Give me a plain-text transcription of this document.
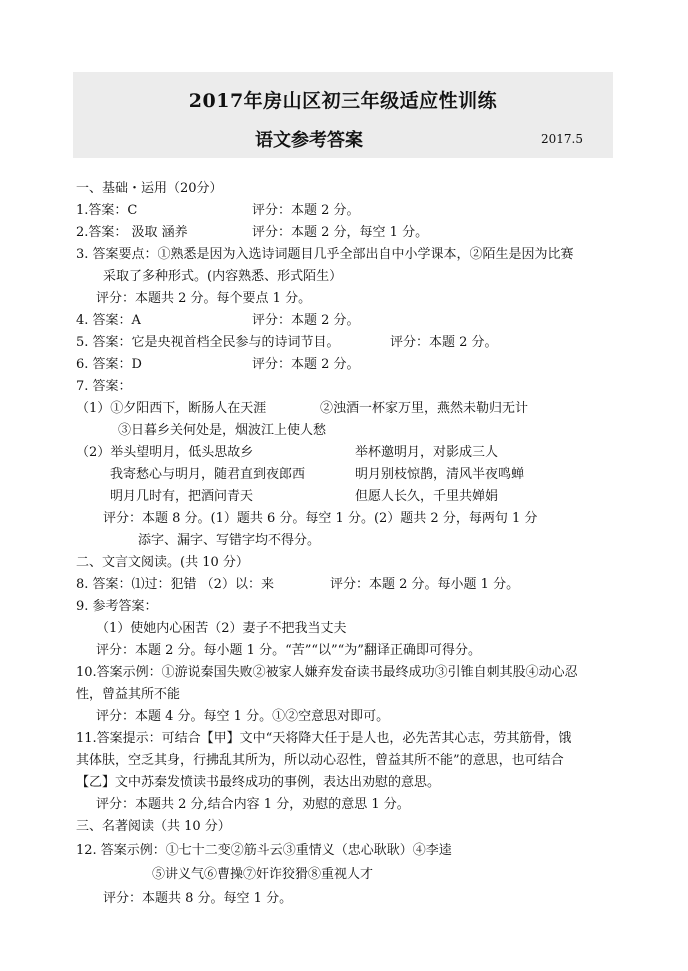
2017年房山区初三年级适应性训练
语文参考答案	2017.5
一、基础・运用（20分）
1.答案：C	评分：本题 2 分。
2.答案： 汲取 涵养	评分：本题 2 分，每空 1 分。
3. 答案要点：①熟悉是因为入选诗词题目几乎全部出自中小学课本，②陌生是因为比赛
采取了多种形式。(内容熟悉、形式陌生）
评分：本题共 2 分。每个要点 1 分。
4. 答案：A	评分：本题 2 分。
5. 答案：它是央视首档全民参与的诗词节目。	评分：本题 2 分。
6. 答案：D	评分：本题 2 分。
7. 答案：
（1）①夕阳西下，断肠人在天涯	②浊酒一杯家万里，燕然未勒归无计
③日暮乡关何处是，烟波江上使人愁
（2）举头望明月，低头思故乡	举杯邀明月，对影成三人
我寄愁心与明月，随君直到夜郎西	明月别枝惊鹊，清风半夜鸣蝉
明月几时有，把酒问青天	但愿人长久，千里共婵娟
评分：本题 8 分。(1）题共 6 分。每空 1 分。(2）题共 2 分，每两句 1 分
添字、漏字、写错字均不得分。
二、文言文阅读。(共 10 分）
8. 答案：⑴过：犯错 （2）以：来	评分：本题 2 分。每小题 1 分。
9. 参考答案：
（1）使她内心困苦（2）妻子不把我当丈夫
评分：本题 2 分。每小题 1 分。“苦”“以”“为”翻译正确即可得分。
10.答案示例：①游说秦国失败②被家人嫌弃发奋读书最终成功③引锥自刺其股④动心忍
性，曾益其所不能
评分：本题 4 分。每空 1 分。①②空意思对即可。
11.答案提示：可结合【甲】文中“天将降大任于是人也，必先苦其心志，劳其筋骨，饿
其体肤，空乏其身，行拂乱其所为，所以动心忍性，曾益其所不能”的意思，也可结合
【乙】文中苏秦发愤读书最终成功的事例，表达出劝慰的意思。
评分：本题共 2 分,结合内容 1 分，劝慰的意思 1 分。
三、名著阅读（共 10 分）
12. 答案示例：①七十二变②筋斗云③重情义（忠心耿耿）④李逵
⑤讲义气⑥曹操⑦奸诈狡猾⑧重视人才
评分：本题共 8 分。每空 1 分。
